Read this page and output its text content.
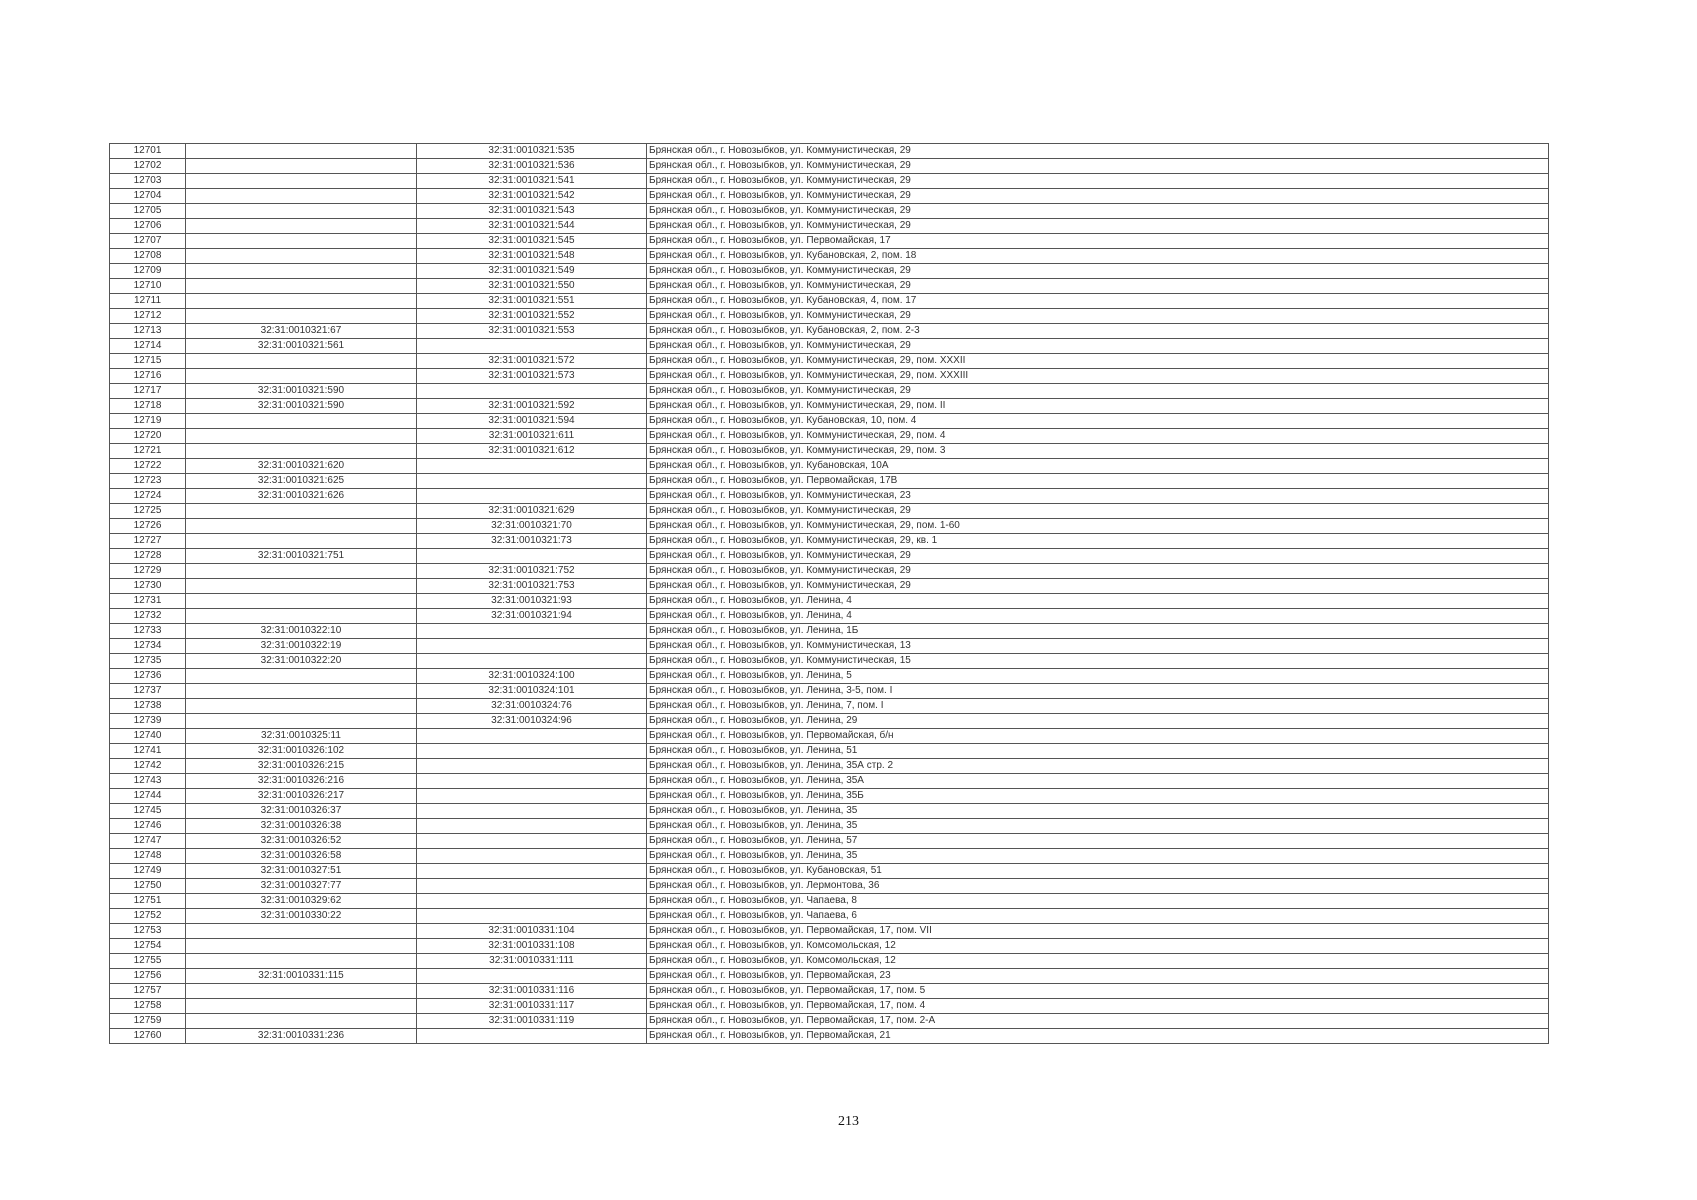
12701		32:31:0010321:535	Брянская обл., г. Новозыбков, ул. Коммунистическая, 29
12702		32:31:0010321:536	Брянская обл., г. Новозыбков, ул. Коммунистическая, 29
12703		32:31:0010321:541	Брянская обл., г. Новозыбков, ул. Коммунистическая, 29
12704		32:31:0010321:542	Брянская обл., г. Новозыбков, ул. Коммунистическая, 29
12705		32:31:0010321:543	Брянская обл., г. Новозыбков, ул. Коммунистическая, 29
12706		32:31:0010321:544	Брянская обл., г. Новозыбков, ул. Коммунистическая, 29
12707		32:31:0010321:545	Брянская обл., г. Новозыбков, ул. Первомайская, 17
12708		32:31:0010321:548	Брянская обл., г. Новозыбков, ул. Кубановская, 2, пом. 18
12709		32:31:0010321:549	Брянская обл., г. Новозыбков, ул. Коммунистическая, 29
12710		32:31:0010321:550	Брянская обл., г. Новозыбков, ул. Коммунистическая, 29
12711		32:31:0010321:551	Брянская обл., г. Новозыбков, ул. Кубановская, 4, пом. 17
12712		32:31:0010321:552	Брянская обл., г. Новозыбков, ул. Коммунистическая, 29
12713	32:31:0010321:67	32:31:0010321:553	Брянская обл., г. Новозыбков, ул. Кубановская, 2, пом. 2-3
12714	32:31:0010321:561		Брянская обл., г. Новозыбков, ул. Коммунистическая, 29
12715		32:31:0010321:572	Брянская обл., г. Новозыбков, ул. Коммунистическая, 29, пом. XXXII
12716		32:31:0010321:573	Брянская обл., г. Новозыбков, ул. Коммунистическая, 29, пом. XXXIII
12717	32:31:0010321:590		Брянская обл., г. Новозыбков, ул. Коммунистическая, 29
12718	32:31:0010321:590	32:31:0010321:592	Брянская обл., г. Новозыбков, ул. Коммунистическая, 29, пом. II
12719		32:31:0010321:594	Брянская обл., г. Новозыбков, ул. Кубановская, 10, пом. 4
12720		32:31:0010321:611	Брянская обл., г. Новозыбков, ул. Коммунистическая, 29, пом. 4
12721		32:31:0010321:612	Брянская обл., г. Новозыбков, ул. Коммунистическая, 29, пом. 3
12722	32:31:0010321:620		Брянская обл., г. Новозыбков, ул. Кубановская, 10А
12723	32:31:0010321:625		Брянская обл., г. Новозыбков, ул. Первомайская, 17В
12724	32:31:0010321:626		Брянская обл., г. Новозыбков, ул. Коммунистическая, 23
12725		32:31:0010321:629	Брянская обл., г. Новозыбков, ул. Коммунистическая, 29
12726		32:31:0010321:70	Брянская обл., г. Новозыбков, ул. Коммунистическая, 29, пом. 1-60
12727		32:31:0010321:73	Брянская обл., г. Новозыбков, ул. Коммунистическая, 29, кв. 1
12728	32:31:0010321:751		Брянская обл., г. Новозыбков, ул. Коммунистическая, 29
12729		32:31:0010321:752	Брянская обл., г. Новозыбков, ул. Коммунистическая, 29
12730		32:31:0010321:753	Брянская обл., г. Новозыбков, ул. Коммунистическая, 29
12731		32:31:0010321:93	Брянская обл., г. Новозыбков, ул. Ленина, 4
12732		32:31:0010321:94	Брянская обл., г. Новозыбков, ул. Ленина, 4
12733	32:31:0010322:10		Брянская обл., г. Новозыбков, ул. Ленина, 1Б
12734	32:31:0010322:19		Брянская обл., г. Новозыбков, ул. Коммунистическая, 13
12735	32:31:0010322:20		Брянская обл., г. Новозыбков, ул. Коммунистическая, 15
12736		32:31:0010324:100	Брянская обл., г. Новозыбков, ул. Ленина, 5
12737		32:31:0010324:101	Брянская обл., г. Новозыбков, ул. Ленина, 3-5, пом. I
12738		32:31:0010324:76	Брянская обл., г. Новозыбков, ул. Ленина, 7, пом. I
12739		32:31:0010324:96	Брянская обл., г. Новозыбков, ул. Ленина, 29
12740	32:31:0010325:11		Брянская обл., г. Новозыбков, ул. Первомайская, б/н
12741	32:31:0010326:102		Брянская обл., г. Новозыбков, ул. Ленина, 51
12742	32:31:0010326:215		Брянская обл., г. Новозыбков, ул. Ленина, 35А стр. 2
12743	32:31:0010326:216		Брянская обл., г. Новозыбков, ул. Ленина, 35А
12744	32:31:0010326:217		Брянская обл., г. Новозыбков, ул. Ленина, 35Б
12745	32:31:0010326:37		Брянская обл., г. Новозыбков, ул. Ленина, 35
12746	32:31:0010326:38		Брянская обл., г. Новозыбков, ул. Ленина, 35
12747	32:31:0010326:52		Брянская обл., г. Новозыбков, ул. Ленина, 57
12748	32:31:0010326:58		Брянская обл., г. Новозыбков, ул. Ленина, 35
12749	32:31:0010327:51		Брянская обл., г. Новозыбков, ул. Кубановская, 51
12750	32:31:0010327:77		Брянская обл., г. Новозыбков, ул. Лермонтова, 36
12751	32:31:0010329:62		Брянская обл., г. Новозыбков, ул. Чапаева, 8
12752	32:31:0010330:22		Брянская обл., г. Новозыбков, ул. Чапаева, 6
12753		32:31:0010331:104	Брянская обл., г. Новозыбков, ул. Первомайская, 17, пом. VII
12754		32:31:0010331:108	Брянская обл., г. Новозыбков, ул. Комсомольская, 12
12755		32:31:0010331:111	Брянская обл., г. Новозыбков, ул. Комсомольская, 12
12756	32:31:0010331:115		Брянская обл., г. Новозыбков, ул. Первомайская, 23
12757		32:31:0010331:116	Брянская обл., г. Новозыбков, ул. Первомайская, 17, пом. 5
12758		32:31:0010331:117	Брянская обл., г. Новозыбков, ул. Первомайская, 17, пом. 4
12759		32:31:0010331:119	Брянская обл., г. Новозыбков, ул. Первомайская, 17, пом. 2-А
12760	32:31:0010331:236		Брянская обл., г. Новозыбков, ул. Первомайская, 21
213
